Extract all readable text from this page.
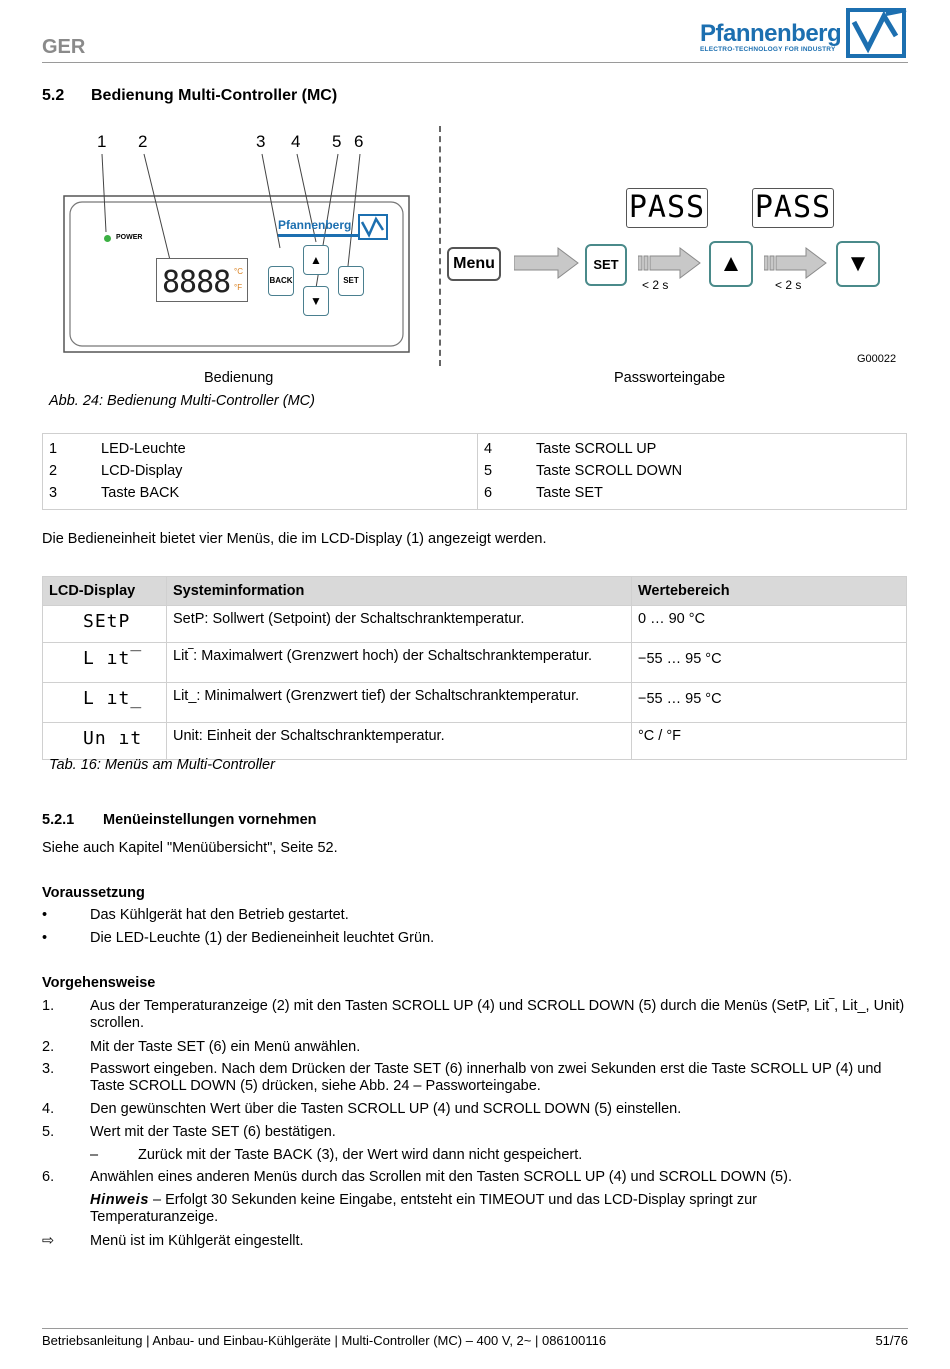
GER	Pfannenberg
ELECTRO-TECHNOLOGY FOR INDUSTRY
5.2 Bedienung Multi-Controller (MC)
1 2	3 4 5 6
POWER
8888 °C
°F
Pfannenberg
BACK
▲
▼
SET
Menu	SET
< 2 s
PASS
▲
< 2 s
PASS
▼
G00022
Bedienung	Passworteingabe
Abb. 24: Bedienung Multi-Controller (MC)
1	LED-Leuchte	4	Taste SCROLL UP
2	LCD-Display	5	Taste SCROLL DOWN
3	Taste BACK	6	Taste SET
Die Bedieneinheit bietet vier Menüs, die im LCD-Display (1) angezeigt werden.
LCD-Display	Systeminformation	Wertebereich
SEtP	SetP: Sollwert (Setpoint) der Schaltschranktemperatur.	0 … 90 °C
L ıt‾	Lit‾: Maximalwert (Grenzwert hoch) der Schaltschranktemperatur.	−55 … 95 °C
L ıt_	Lit_: Minimalwert (Grenzwert tief) der Schaltschranktemperatur.	−55 … 95 °C
Un ıt	Unit: Einheit der Schaltschranktemperatur.	°C / °F
Tab. 16: Menüs am Multi-Controller
5.2.1 Menüeinstellungen vornehmen
Siehe auch Kapitel "Menüübersicht", Seite 52.
Voraussetzung
•	Das Kühlgerät hat den Betrieb gestartet.
•	Die LED-Leuchte (1) der Bedieneinheit leuchtet Grün.
Vorgehensweise
1. Aus der Temperaturanzeige (2) mit den Tasten SCROLL UP (4) und SCROLL DOWN (5) durch die Menüs (SetP, Lit‾, Lit_, Unit) scrollen.
2. Mit der Taste SET (6) ein Menü anwählen.
3. Passwort eingeben. Nach dem Drücken der Taste SET (6) innerhalb von zwei Sekunden erst die Taste SCROLL UP (4) und Taste SCROLL DOWN (5) drücken, siehe Abb. 24 – Passworteingabe.
4. Den gewünschten Wert über die Tasten SCROLL UP (4) und SCROLL DOWN (5) einstellen.
5. Wert mit der Taste SET (6) bestätigen.
–	Zurück mit der Taste BACK (3), der Wert wird dann nicht gespeichert.
6. Anwählen eines anderen Menüs durch das Scrollen mit den Tasten SCROLL UP (4) und SCROLL DOWN (5).
Hinweis – Erfolgt 30 Sekunden keine Eingabe, entsteht ein TIMEOUT und das LCD-Display springt zur Temperaturanzeige.
⇨ Menü ist im Kühlgerät eingestellt.
Betriebsanleitung | Anbau- und Einbau-Kühlgeräte | Multi-Controller (MC) – 400 V, 2~ | 086100116	51/76
